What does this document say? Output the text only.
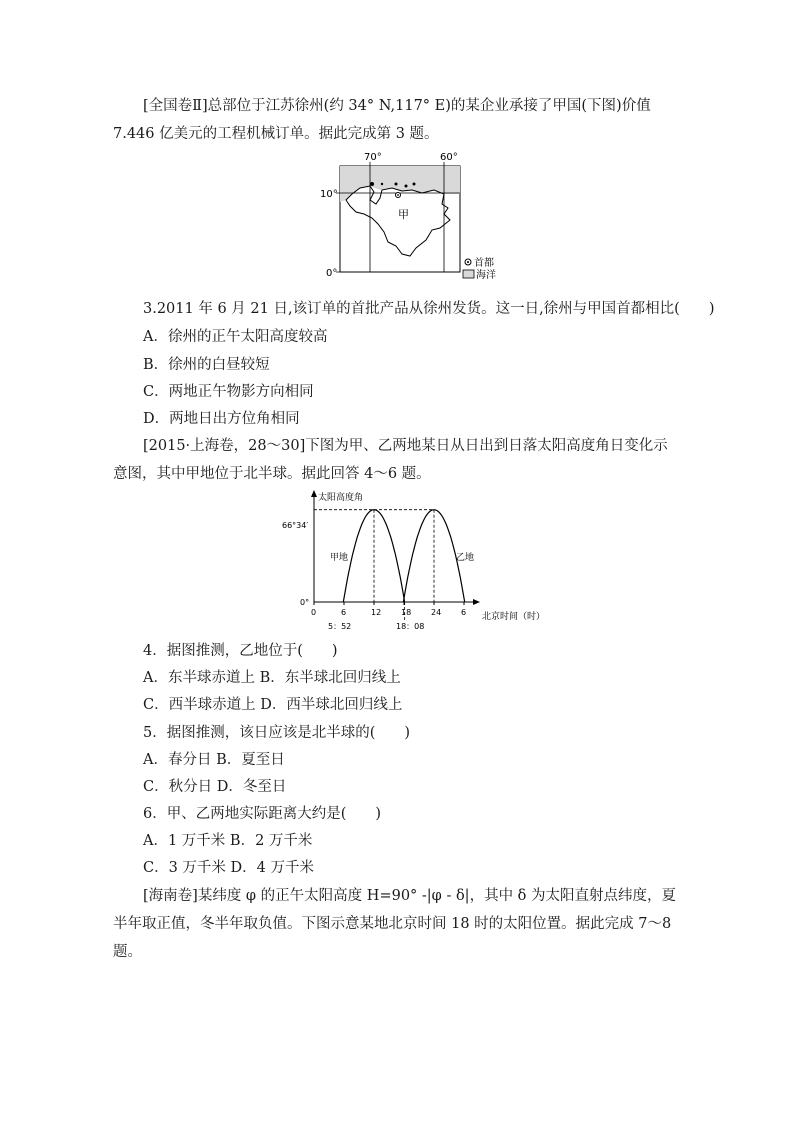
[全国卷Ⅱ]总部位于江苏徐州(约 34° N,117° E)的某企业承接了甲国(下图)价值 7.446 亿美元的工程机械订单。据此完成第 3 题。

70°	60°
10°
0°
甲
首都
海洋

3.2011 年 6 月 21 日,该订单的首批产品从徐州发货。这一日,徐州与甲国首都相比(　　)

A．徐州的正午太阳高度较高

B．徐州的白昼较短

C．两地正午物影方向相同

D．两地日出方位角相同

[2015·上海卷，28～30]下图为甲、乙两地某日从日出到日落太阳高度角日变化示意图，其中甲地位于北半球。据此回答 4～6 题。

太阳高度角
北京时间（时）
0°
66°34′
甲地	乙地
0	6	12 18 24 6
5：52	18：08

4．据图推测，乙地位于(　　)

A．东半球赤道上 B．东半球北回归线上

C．西半球赤道上 D．西半球北回归线上

5．据图推测，该日应该是北半球的(　　)

A．春分日 B．夏至日

C．秋分日 D．冬至日

6．甲、乙两地实际距离大约是(　　)

A．1 万千米 B．2 万千米

C．3 万千米 D．4 万千米

[海南卷]某纬度 φ 的正午太阳高度 H=90° -|φ - δ|，其中 δ 为太阳直射点纬度，夏半年取正值，冬半年取负值。下图示意某地北京时间 18 时的太阳位置。据此完成 7～8 题。
